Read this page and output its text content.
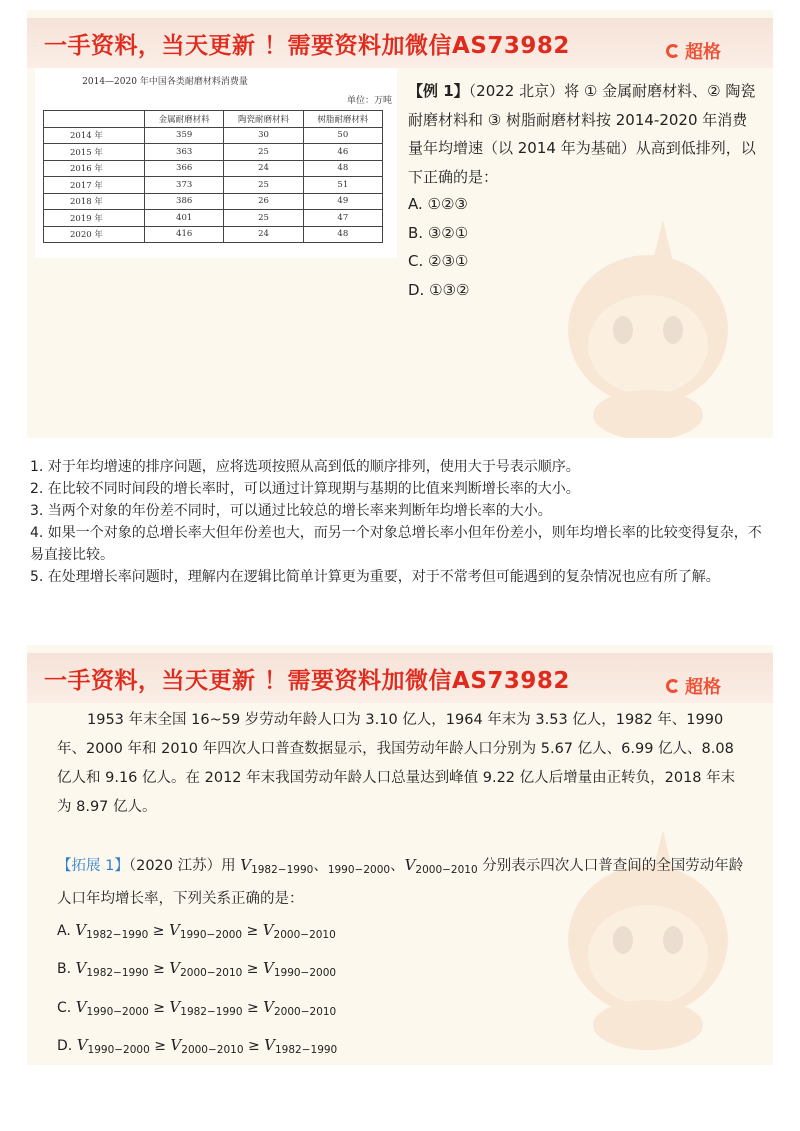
一手资料，当天更新 ！需要资料加微信AS73982	超格
2014—2020 年中国各类耐磨材料消费量
单位：万吨
	金属耐磨材料	陶瓷耐磨材料	树脂耐磨材料
2014 年	359	30	50
2015 年	363	25	46
2016 年	366	24	48
2017 年	373	25	51
2018 年	386	26	49
2019 年	401	25	47
2020 年	416	24	48
【例 1】（2022 北京）将 ① 金属耐磨材料、② 陶瓷耐磨材料和 ③ 树脂耐磨材料按 2014-2020 年消费量年均增速（以 2014 年为基础）从高到低排列，以下正确的是：
A. ①②③
B. ③②①
C. ②③①
D. ①③②

1. 对于年均增速的排序问题，应将选项按照从高到低的顺序排列，使用大于号表示顺序。

2. 在比较不同时间段的增长率时，可以通过计算现期与基期的比值来判断增长率的大小。

3. 当两个对象的年份差不同时，可以通过比较总的增长率来判断年均增长率的大小。

4. 如果一个对象的总增长率大但年份差也大，而另一个对象总增长率小但年份差小，则年均增长率的比较变得复杂，不易直接比较。

5. 在处理增长率问题时，理解内在逻辑比简单计算更为重要，对于不常考但可能遇到的复杂情况也应有所了解。

一手资料，当天更新 ！需要资料加微信AS73982	超格
1953 年末全国 16~59 岁劳动年龄人口为 3.10 亿人，1964 年末为 3.53 亿人，1982 年、1990 年、2000 年和 2010 年四次人口普查数据显示，我国劳动年龄人口分别为 5.67 亿人、6.99 亿人、8.08 亿人和 9.16 亿人。在 2012 年末我国劳动年龄人口总量达到峰值 9.22 亿人后增量由正转负，2018 年末为 8.97 亿人。
【拓展 1】（2020 江苏）用 $V_{1982-1990}$、$_{1990-2000}$、$V_{2000-2010}$ 分别表示四次人口普查间的全国劳动年龄人口年均增长率，下列关系正确的是：
A. $V_{1982-1990} \ge V_{1990-2000} \ge V_{2000-2010}$
B. $V_{1982-1990} \ge V_{2000-2010} \ge V_{1990-2000}$
C. $V_{1990-2000} \ge V_{1982-1990} \ge V_{2000-2010}$
D. $V_{1990-2000} \ge V_{2000-2010} \ge V_{1982-1990}$
